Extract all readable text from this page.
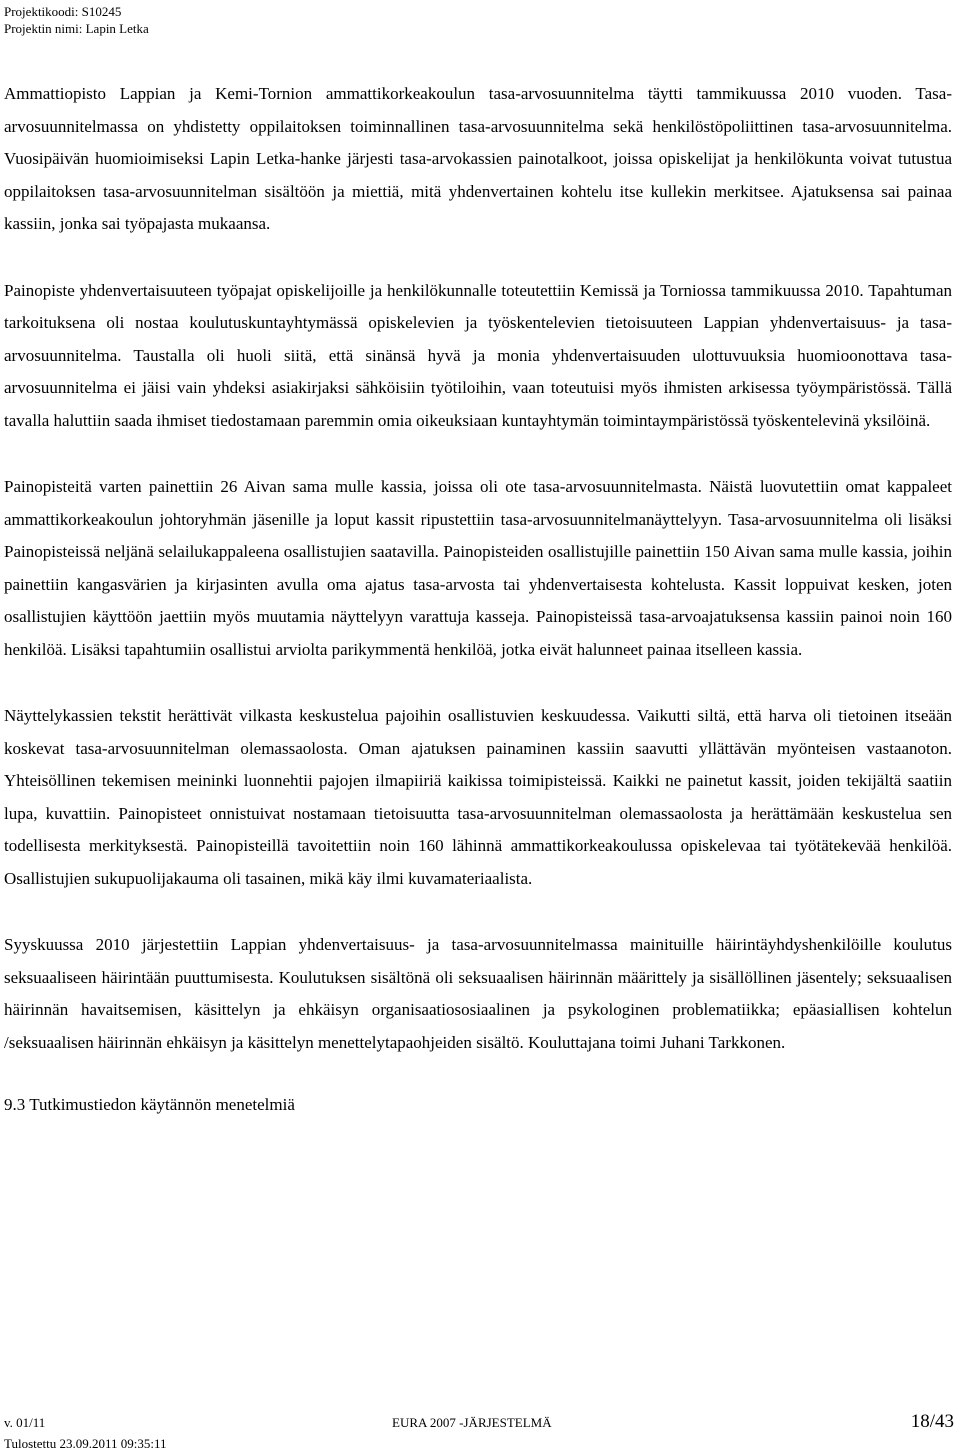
Projektikoodi: S10245
Projektin nimi: Lapin Letka

Ammattiopisto Lappian ja Kemi-Tornion ammattikorkeakoulun tasa-arvosuunnitelma täytti tammikuussa 2010 vuoden. Tasa-arvosuunnitelmassa on yhdistetty oppilaitoksen toiminnallinen tasa-arvosuunnitelma sekä henkilöstöpoliittinen tasa-arvosuunnitelma. Vuosipäivän huomioimiseksi Lapin Letka-hanke järjesti tasa-arvokassien painotalkoot, joissa opiskelijat ja henkilökunta voivat tutustua oppilaitoksen tasa-arvosuunnitelman sisältöön ja miettiä, mitä yhdenvertainen kohtelu itse kullekin merkitsee. Ajatuksensa sai painaa kassiin, jonka sai työpajasta mukaansa.

Painopiste yhdenvertaisuuteen työpajat opiskelijoille ja henkilökunnalle toteutettiin Kemissä ja Torniossa tammikuussa 2010. Tapahtuman tarkoituksena oli nostaa koulutuskuntayhtymässä opiskelevien ja työskentelevien tietoisuuteen Lappian yhdenvertaisuus- ja tasa-arvosuunnitelma. Taustalla oli huoli siitä, että sinänsä hyvä ja monia yhdenvertaisuuden ulottuvuuksia huomioonottava tasa-arvosuunnitelma ei jäisi vain yhdeksi asiakirjaksi sähköisiin työtiloihin, vaan toteutuisi myös ihmisten arkisessa työympäristössä. Tällä tavalla haluttiin saada ihmiset tiedostamaan paremmin omia oikeuksiaan kuntayhtymän toimintaympäristössä työskentelevinä yksilöinä.

Painopisteitä varten painettiin 26 Aivan sama mulle kassia, joissa oli ote tasa-arvosuunnitelmasta. Näistä luovutettiin omat kappaleet ammattikorkeakoulun johtoryhmän jäsenille ja loput kassit ripustettiin tasa-arvosuunnitelmanäyttelyyn. Tasa-arvosuunnitelma oli lisäksi Painopisteissä neljänä selailukappaleena osallistujien saatavilla. Painopisteiden osallistujille painettiin 150 Aivan sama mulle kassia, joihin painettiin kangasvärien ja kirjasinten avulla oma ajatus tasa-arvosta tai yhdenvertaisesta kohtelusta. Kassit loppuivat kesken, joten osallistujien käyttöön jaettiin myös muutamia näyttelyyn varattuja kasseja. Painopisteissä tasa-arvoajatuksensa kassiin painoi noin 160 henkilöä. Lisäksi tapahtumiin osallistui arviolta parikymmentä henkilöä, jotka eivät halunneet painaa itselleen kassia.

Näyttelykassien tekstit herättivät vilkasta keskustelua pajoihin osallistuvien keskuudessa. Vaikutti siltä, että harva oli tietoinen itseään koskevat tasa-arvosuunnitelman olemassaolosta. Oman ajatuksen painaminen kassiin saavutti yllättävän myönteisen vastaanoton. Yhteisöllinen tekemisen meininki luonnehtii pajojen ilmapiiriä kaikissa toimipisteissä. Kaikki ne painetut kassit, joiden tekijältä saatiin lupa, kuvattiin. Painopisteet onnistuivat nostamaan tietoisuutta tasa-arvosuunnitelman olemassaolosta ja herättämään keskustelua sen todellisesta merkityksestä. Painopisteillä tavoitettiin noin 160 lähinnä ammattikorkeakoulussa opiskelevaa tai työtätekevää henkilöä. Osallistujien sukupuolijakauma oli tasainen, mikä käy ilmi kuvamateriaalista.

Syyskuussa 2010 järjestettiin Lappian yhdenvertaisuus- ja tasa-arvosuunnitelmassa mainituille häirintäyhdyshenkilöille koulutus seksuaaliseen häirintään puuttumisesta. Koulutuksen sisältönä oli seksuaalisen häirinnän määrittely ja sisällöllinen jäsentely; seksuaalisen häirinnän havaitsemisen, käsittelyn ja ehkäisyn organisaatiososiaalinen ja psykologinen problematiikka; epäasiallisen kohtelun /seksuaalisen häirinnän ehkäisyn ja käsittelyn menettelytapaohjeiden sisältö. Kouluttajana toimi Juhani Tarkkonen.

9.3 Tutkimustiedon käytännön menetelmiä
v. 01/11	EURA 2007 -JÄRJESTELMÄ	18/43
Tulostettu 23.09.2011 09:35:11
